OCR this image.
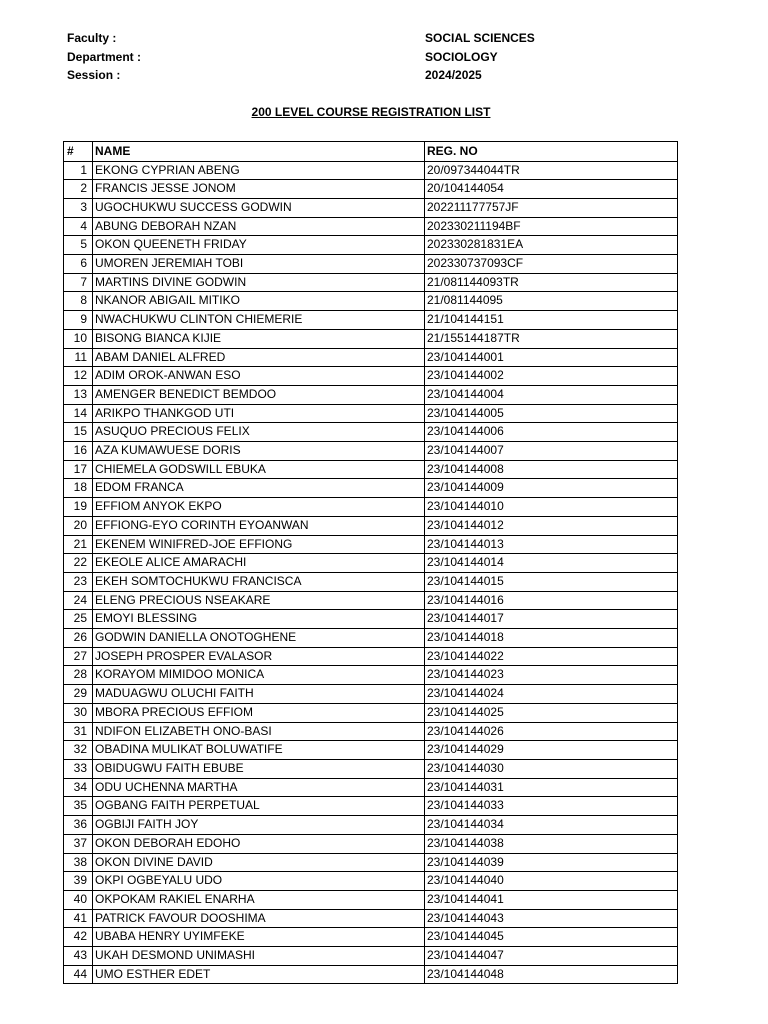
Faculty :	SOCIAL SCIENCES
Department :	SOCIOLOGY
Session :	2024/2025
200 LEVEL COURSE REGISTRATION LIST
#	NAME	REG. NO
1	EKONG CYPRIAN ABENG	20/097344044TR
2	FRANCIS JESSE JONOM	20/104144054
3	UGOCHUKWU SUCCESS GODWIN	202211177757JF
4	ABUNG DEBORAH NZAN	202330211194BF
5	OKON QUEENETH FRIDAY	202330281831EA
6	UMOREN JEREMIAH TOBI	202330737093CF
7	MARTINS DIVINE GODWIN	21/081144093TR
8	NKANOR ABIGAIL MITIKO	21/081144095
9	NWACHUKWU CLINTON CHIEMERIE	21/104144151
10	BISONG BIANCA KIJIE	21/155144187TR
11	ABAM DANIEL ALFRED	23/104144001
12	ADIM OROK-ANWAN ESO	23/104144002
13	AMENGER BENEDICT BEMDOO	23/104144004
14	ARIKPO THANKGOD UTI	23/104144005
15	ASUQUO PRECIOUS FELIX	23/104144006
16	AZA KUMAWUESE DORIS	23/104144007
17	CHIEMELA GODSWILL EBUKA	23/104144008
18	EDOM FRANCA	23/104144009
19	EFFIOM ANYOK EKPO	23/104144010
20	EFFIONG-EYO CORINTH EYOANWAN	23/104144012
21	EKENEM WINIFRED-JOE EFFIONG	23/104144013
22	EKEOLE ALICE AMARACHI	23/104144014
23	EKEH SOMTOCHUKWU FRANCISCA	23/104144015
24	ELENG PRECIOUS NSEAKARE	23/104144016
25	EMOYI BLESSING	23/104144017
26	GODWIN DANIELLA ONOTOGHENE	23/104144018
27	JOSEPH PROSPER EVALASOR	23/104144022
28	KORAYOM MIMIDOO MONICA	23/104144023
29	MADUAGWU OLUCHI FAITH	23/104144024
30	MBORA PRECIOUS EFFIOM	23/104144025
31	NDIFON ELIZABETH ONO-BASI	23/104144026
32	OBADINA MULIKAT BOLUWATIFE	23/104144029
33	OBIDUGWU FAITH EBUBE	23/104144030
34	ODU UCHENNA MARTHA	23/104144031
35	OGBANG FAITH PERPETUAL	23/104144033
36	OGBIJI FAITH JOY	23/104144034
37	OKON DEBORAH EDOHO	23/104144038
38	OKON DIVINE DAVID	23/104144039
39	OKPI OGBEYALU UDO	23/104144040
40	OKPOKAM RAKIEL ENARHA	23/104144041
41	PATRICK FAVOUR DOOSHIMA	23/104144043
42	UBABA HENRY UYIMFEKE	23/104144045
43	UKAH DESMOND UNIMASHI	23/104144047
44	UMO ESTHER EDET	23/104144048
